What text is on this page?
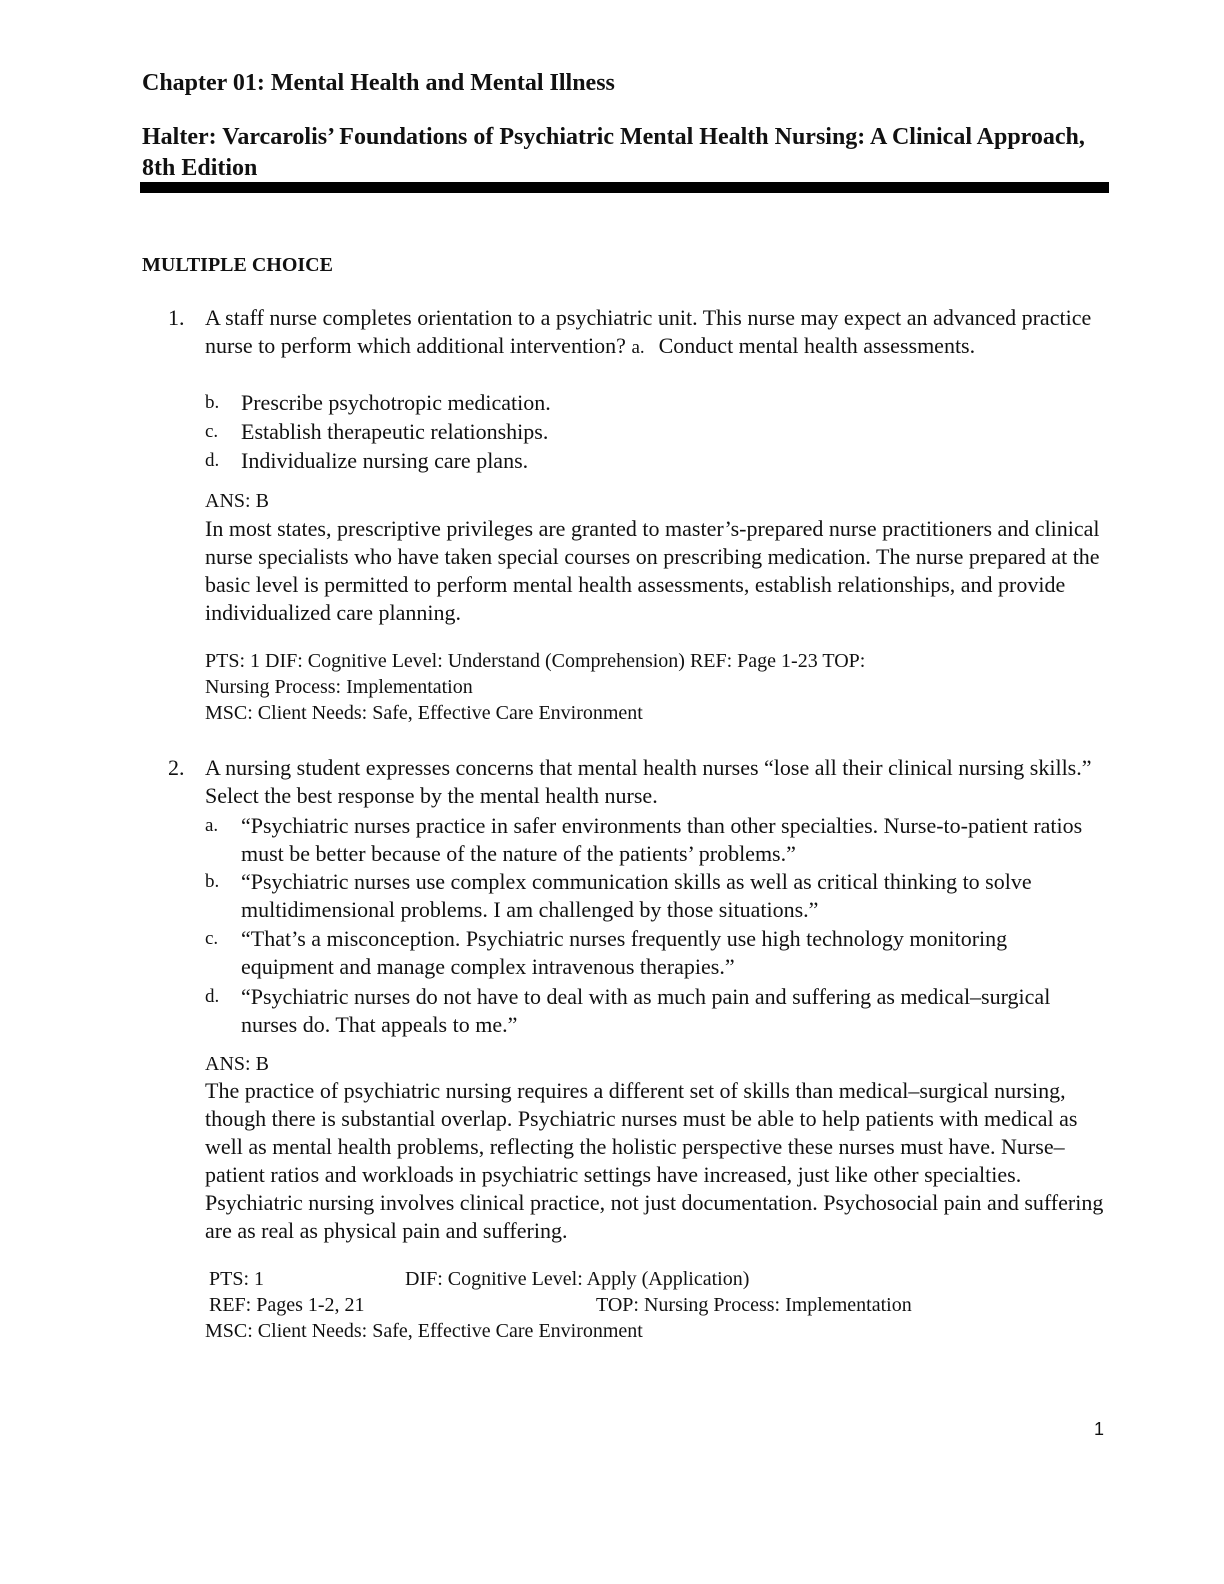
Chapter 01: Mental Health and Mental Illness
Halter: Varcarolis’ Foundations of Psychiatric Mental Health Nursing: A Clinical Approach, 8th Edition
MULTIPLE CHOICE
1. A staff nurse completes orientation to a psychiatric unit. This nurse may expect an advanced practice nurse to perform which additional intervention? a. Conduct mental health assessments.
b. Prescribe psychotropic medication.
c. Establish therapeutic relationships.
d. Individualize nursing care plans.
ANS: B
In most states, prescriptive privileges are granted to master’s-prepared nurse practitioners and clinical nurse specialists who have taken special courses on prescribing medication. The nurse prepared at the basic level is permitted to perform mental health assessments, establish relationships, and provide individualized care planning.
PTS: 1 DIF: Cognitive Level: Understand (Comprehension) REF: Page 1-23 TOP:
Nursing Process: Implementation
MSC: Client Needs: Safe, Effective Care Environment
2. A nursing student expresses concerns that mental health nurses “lose all their clinical nursing skills.” Select the best response by the mental health nurse.
a. “Psychiatric nurses practice in safer environments than other specialties. Nurse-to-patient ratios must be better because of the nature of the patients’ problems.”
b. “Psychiatric nurses use complex communication skills as well as critical thinking to solve multidimensional problems. I am challenged by those situations.”
c. “That’s a misconception. Psychiatric nurses frequently use high technology monitoring equipment and manage complex intravenous therapies.”
d. “Psychiatric nurses do not have to deal with as much pain and suffering as medical–surgical nurses do. That appeals to me.”
ANS: B
The practice of psychiatric nursing requires a different set of skills than medical–surgical nursing, though there is substantial overlap. Psychiatric nurses must be able to help patients with medical as well as mental health problems, reflecting the holistic perspective these nurses must have. Nurse–patient ratios and workloads in psychiatric settings have increased, just like other specialties. Psychiatric nursing involves clinical practice, not just documentation. Psychosocial pain and suffering are as real as physical pain and suffering.
PTS: 1	DIF: Cognitive Level: Apply (Application)
REF: Pages 1-2, 21	TOP: Nursing Process: Implementation
MSC: Client Needs: Safe, Effective Care Environment
1
